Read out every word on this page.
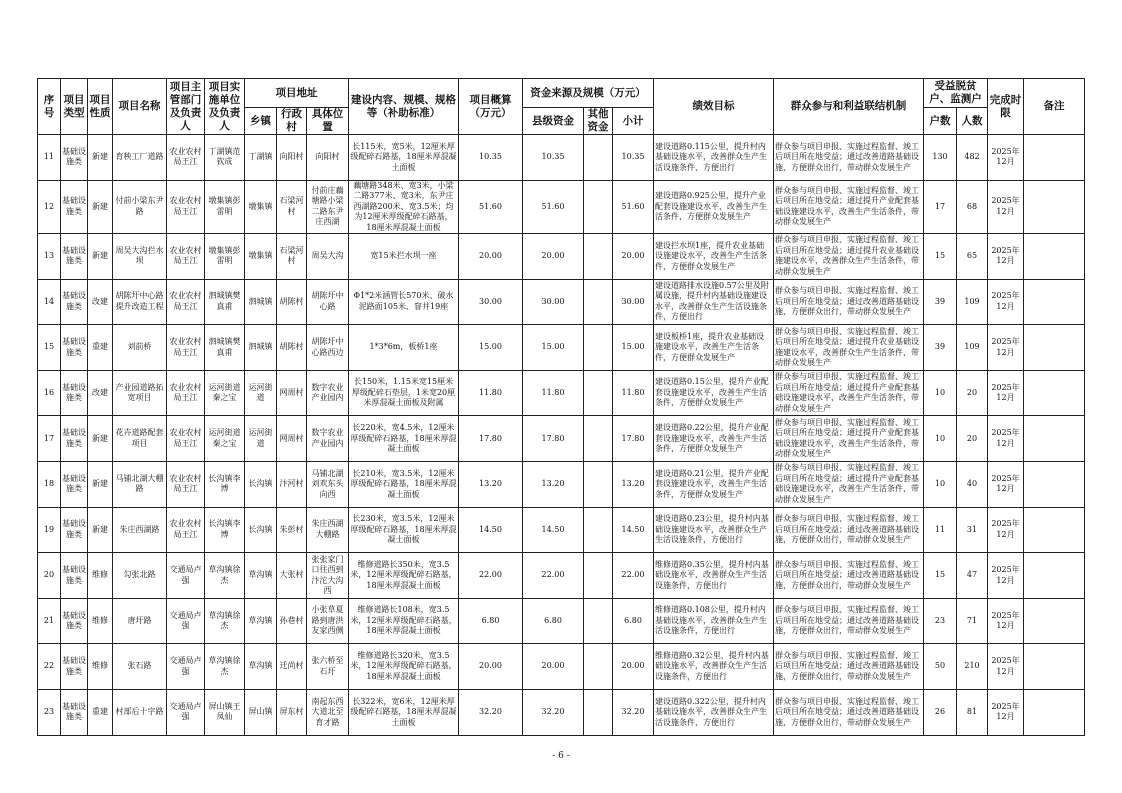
序号	项目类型	项目性质	项目名称	项目主管部门及负责人	项目实施单位及负责人	项目地址			建设内容、规模、规格等（补助标准）	项目概算（万元）	资金来源及规模（万元）			绩效目标	群众参与和利益联结机制	受益脱贫户、监测户		完成时限	备注
						乡镇	行政村	具体位置			县级资金	其他资金	小计			户数	人数		
11	基础设施类	新建	育秧工厂道路	农业农村局王江	丁湖镇范钦成	丁湖镇	向阳村	向阳村	长115米，宽5米，12厘米厚级配碎石路基，18厘米厚混凝土面板	10.35	10.35		10.35	建设道路0.115公里，提升村内基础设施水平，改善群众生产生活设施条件，方便出行	群众参与项目申报、实施过程监督、竣工后项目所在地受益；通过改善道路基础设施，方便群众出行，带动群众发展生产	130	482	2025年12月	
12	基础设施类	新建	付前小梁东尹路	农业农村局王江	墩集镇彭雷明	墩集镇	石梁河村	付前庄藕塘路小梁二路东尹庄西湖	藕塘路348米、宽3米，小梁二路377米、宽3米，东尹庄西湖路200米、宽3.5米；均为12厘米厚级配碎石路基，18厘米厚混凝土面板	51.60	51.60		51.60	建设道路0.925公里，提升产业配套设施建设水平，改善生产生活条件，方便群众发展生产	群众参与项目申报、实施过程监督、竣工后项目所在地受益；通过提升产业配套基础设施建设水平，改善生产生活条件，带动群众发展生产	17	68	2025年12月	
13	基础设施类	新建	周吴大沟拦水坝	农业农村局王江	墩集镇彭雷明	墩集镇	石梁河村	周吴大沟	宽15米拦水坝一座	20.00	20.00		20.00	建设拦水坝1座，提升农业基础设施建设水平，改善生产生活条件，方便群众发展生产	群众参与项目申报、实施过程监督、竣工后项目所在地受益；通过提升农业基础设施建设水平，改善群众生产生活条件，带动群众发展生产	15	65	2025年12月	
14	基础设施类	改建	胡陈圩中心路提升改造工程	农业农村局王江	泗城镇樊真甫	泗城镇	胡陈村	胡陈圩中心路	Φ1*2米涵管长570米、破水泥路面105米、窨井19座	30.00	30.00		30.00	建设道路排水设施0.57公里及附属设施，提升村内基础设施建设水平，改善群众生产生活设施条件，方便出行	群众参与项目申报、实施过程监督、竣工后项目所在地受益；通过改善道路基础设施，方便群众出行，带动群众发展生产	39	109	2025年12月	
15	基础设施类	重建	刘前桥	农业农村局王江	泗城镇樊真甫	泗城镇	胡陈村	胡陈圩中心路西边	1*3*6m，板桥1座	15.00	15.00		15.00	建设板桥1座，提升农业基础设施建设水平，改善生产生活条件，方便群众发展生产	群众参与项目申报、实施过程监督、竣工后项目所在地受益；通过提升农业基础设施建设水平，改善群众生产生活条件，带动群众发展生产	39	109	2025年12月	
16	基础设施类	改建	产业园道路拓宽项目	农业农村局王江	运河街道秦之宝	运河街道	网周村	数字农业产业园内	长150米，1.15米宽15厘米厚级配碎石垫层，1米宽20厘米厚混凝土面板及附属	11.80	11.80		11.80	建设道路0.15公里，提升产业配套设施建设水平，改善生产生活条件，方便群众发展生产	群众参与项目申报、实施过程监督、竣工后项目所在地受益；通过提升产业配套基础设施建设水平，改善生产生活条件，带动群众发展生产	10	20	2025年12月	
17	基础设施类	新建	花卉道路配套项目	农业农村局王江	运河街道秦之宝	运河街道	网周村	数字农业产业园内	长220米，宽4.5米，12厘米厚级配碎石路基，18厘米厚混凝土面板	17.80	17.80		17.80	建设道路0.22公里，提升产业配套设施建设水平，改善生产生活条件，方便群众发展生产	群众参与项目申报、实施过程监督、竣工后项目所在地受益；通过提升产业配套基础设施建设水平，改善生产生活条件，带动群众发展生产	10	20	2025年12月	
18	基础设施类	新建	马铺北湖大棚路	农业农村局王江	长沟镇李博	长沟镇	汴河村	马铺北湖刘欢东头向西	长210米，宽3.5米，12厘米厚级配碎石路基，18厘米厚混凝土面板	13.20	13.20		13.20	建设道路0.21公里，提升产业配套设施建设水平，改善生产生活条件，方便群众发展生产	群众参与项目申报、实施过程监督、竣工后项目所在地受益；通过提升产业配套基础设施建设水平，改善生产生活条件，带动群众发展生产	10	40	2025年12月	
19	基础设施类	新建	朱庄西湖路	农业农村局王江	长沟镇李博	长沟镇	朱彭村	朱庄西湖大棚路	长230米，宽3.5米，12厘米厚级配碎石路基，18厘米厚混凝土面板	14.50	14.50		14.50	建设道路0.23公里，提升村内基础设施建设水平，改善群众生产生活设施条件，方便出行	群众参与项目申报、实施过程监督、竣工后项目所在地受益；通过改善道路基础设施，方便群众出行，带动群众发展生产	11	31	2025年12月	
20	基础设施类	维修	勾张北路	交通局卢强	草沟镇徐杰	草沟镇	大张村	张张家门口往西到汴沱大沟西	维修道路长350米，宽3.5米，12厘米厚级配碎石路基，18厘米厚混凝土面板	22.00	22.00		22.00	维修道路0.35公里，提升村内基础设施水平，改善群众生产生活设施条件，方便出行	群众参与项目申报、实施过程监督、竣工后项目所在地受益；通过改善道路基础设施，方便群众出行，带动群众发展生产	15	47	2025年12月	
21	基础设施类	维修	唐圩路	交通局卢强	草沟镇徐杰	草沟镇	孙巷村	小张草夏路到唐洪友家西侧	维修道路长108米，宽3.5米，12厘米厚级配碎石路基，18厘米厚混凝土面板	6.80	6.80		6.80	维修道路0.108公里，提升村内基础设施水平，改善群众生产生活设施条件，方便出行	群众参与项目申报、实施过程监督、竣工后项目所在地受益；通过改善道路基础设施，方便群众出行，带动群众发展生产	23	71	2025年12月	
22	基础设施类	维修	张石路	交通局卢强	草沟镇徐杰	草沟镇	迁尚村	张六桥至石圩	维修道路长320米，宽3.5米，12厘米厚级配碎石路基，18厘米厚混凝土面板	20.00	20.00		20.00	维修道路0.32公里，提升村内基础设施水平，改善群众生产生活设施条件，方便出行	群众参与项目申报、实施过程监督、竣工后项目所在地受益；通过改善道路基础设施，方便群众出行，带动群众发展生产	50	210	2025年12月	
23	基础设施类	重建	村部后十字路	交通局卢强	屏山镇王凤仙	屏山镇	屏东村	南起东西大道北至育才路	长322米，宽6米，12厘米厚级配碎石路基，18厘米厚混凝土面板	32.20	32.20		32.20	建设道路0.322公里，提升村内基础设施水平，改善群众生产生活设施条件，方便出行	群众参与项目申报、实施过程监督、竣工后项目所在地受益；通过改善道路基础设施，方便群众出行，带动群众发展生产	26	81	2025年12月	
- 6 -
